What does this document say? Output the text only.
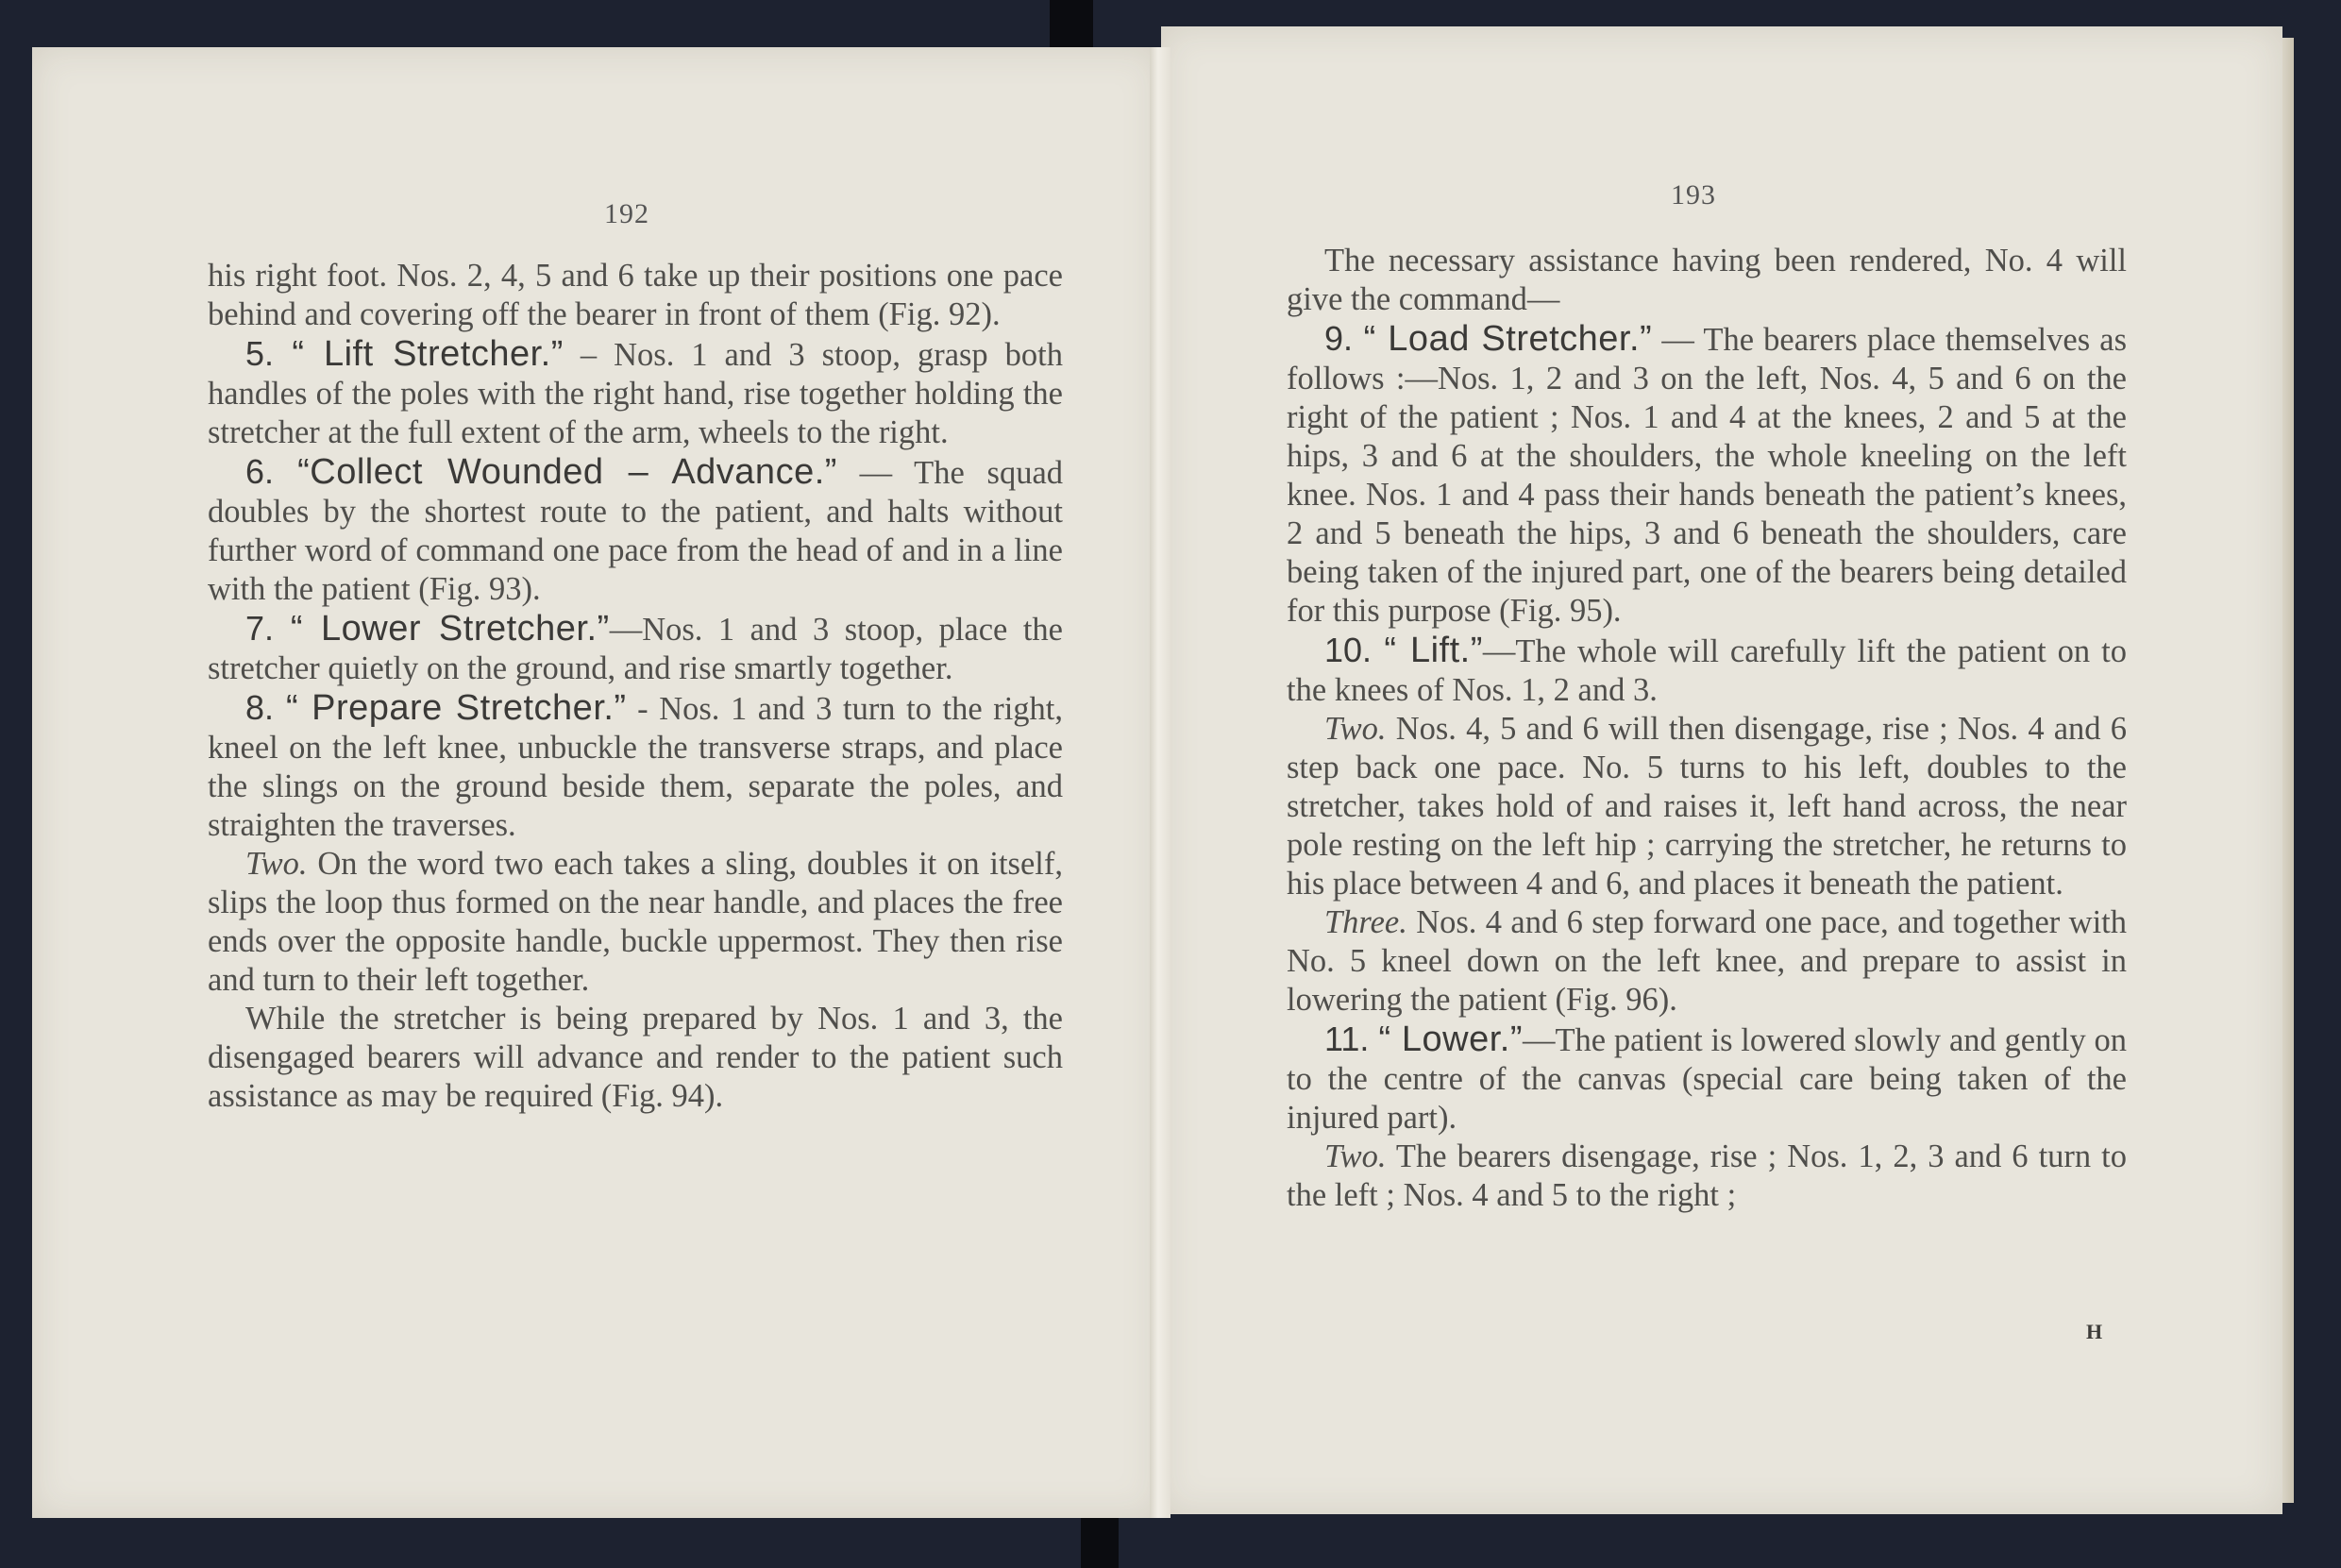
192
193

his right foot. Nos. 2, 4, 5 and 6 take up their positions one pace behind and covering off the bearer in front of them (Fig. 92).

5. “ Lift Stretcher.” – Nos. 1 and 3 stoop, grasp both handles of the poles with the right hand, rise together holding the stretcher at the full extent of the arm, wheels to the right.

6. “Collect Wounded – Advance.” — The squad doubles by the shortest route to the patient, and halts without further word of command one pace from the head of and in a line with the patient (Fig. 93).

7. “ Lower Stretcher.”—Nos. 1 and 3 stoop, place the stretcher quietly on the ground, and rise smartly together.

8. “ Prepare Stretcher.” - Nos. 1 and 3 turn to the right, kneel on the left knee, unbuckle the transverse straps, and place the slings on the ground beside them, separate the poles, and straighten the traverses.

Two. On the word two each takes a sling, doubles it on itself, slips the loop thus formed on the near handle, and places the free ends over the opposite handle, buckle uppermost. They then rise and turn to their left together.

While the stretcher is being prepared by Nos. 1 and 3, the disengaged bearers will advance and render to the patient such assistance as may be required (Fig. 94).

The necessary assistance having been rendered, No. 4 will give the command—

9. “ Load Stretcher.” — The bearers place themselves as follows :—Nos. 1, 2 and 3 on the left, Nos. 4, 5 and 6 on the right of the patient ; Nos. 1 and 4 at the knees, 2 and 5 at the hips, 3 and 6 at the shoulders, the whole kneeling on the left knee. Nos. 1 and 4 pass their hands beneath the patient’s knees, 2 and 5 beneath the hips, 3 and 6 beneath the shoulders, care being taken of the injured part, one of the bearers being detailed for this purpose (Fig. 95).

10. “ Lift.”—The whole will carefully lift the patient on to the knees of Nos. 1, 2 and 3.

Two. Nos. 4, 5 and 6 will then disengage, rise ; Nos. 4 and 6 step back one pace. No. 5 turns to his left, doubles to the stretcher, takes hold of and raises it, left hand across, the near pole resting on the left hip ; carrying the stretcher, he returns to his place between 4 and 6, and places it beneath the patient.

Three. Nos. 4 and 6 step forward one pace, and together with No. 5 kneel down on the left knee, and prepare to assist in lowering the patient (Fig. 96).

11. “ Lower.”—The patient is lowered slowly and gently on to the centre of the canvas (special care being taken of the injured part).

Two. The bearers disengage, rise ; Nos. 1, 2, 3 and 6 turn to the left ; Nos. 4 and 5 to the right ;

H
